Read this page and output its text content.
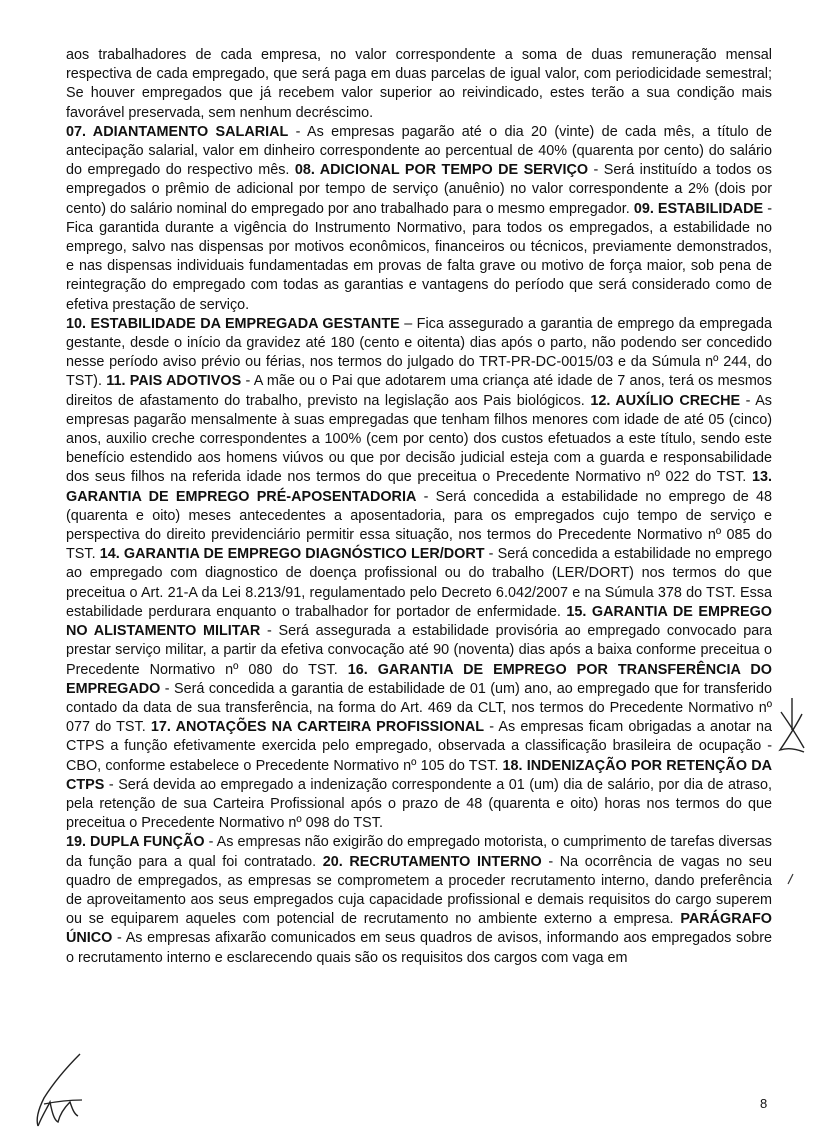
aos trabalhadores de cada empresa, no valor correspondente a soma de duas remuneração mensal respectiva de cada empregado, que será paga em duas parcelas de igual valor, com periodicidade semestral; Se houver empregados que já recebem valor superior ao reivindicado, estes terão a sua condição mais favorável preservada, sem nenhum decréscimo.
07. ADIANTAMENTO SALARIAL - As empresas pagarão até o dia 20 (vinte) de cada mês, a título de antecipação salarial, valor em dinheiro correspondente ao percentual de 40% (quarenta por cento) do salário do empregado do respectivo mês. 08. ADICIONAL POR TEMPO DE SERVIÇO - Será instituído a todos os empregados o prêmio de adicional por tempo de serviço (anuênio) no valor correspondente a 2% (dois por cento) do salário nominal do empregado por ano trabalhado para o mesmo empregador. 09. ESTABILIDADE - Fica garantida durante a vigência do Instrumento Normativo, para todos os empregados, a estabilidade no emprego, salvo nas dispensas por motivos econômicos, financeiros ou técnicos, previamente demonstrados, e nas dispensas individuais fundamentadas em provas de falta grave ou motivo de força maior, sob pena de reintegração do empregado com todas as garantias e vantagens do período que será considerado como de efetiva prestação de serviço.
10. ESTABILIDADE DA EMPREGADA GESTANTE – Fica assegurado a garantia de emprego da empregada gestante, desde o início da gravidez até 180 (cento e oitenta) dias após o parto, não podendo ser concedido nesse período aviso prévio ou férias, nos termos do julgado do TRT-PR-DC-0015/03 e da Súmula nº 244, do TST). 11. PAIS ADOTIVOS - A mãe ou o Pai que adotarem uma criança até idade de 7 anos, terá os mesmos direitos de afastamento do trabalho, previsto na legislação aos Pais biológicos. 12. AUXÍLIO CRECHE - As empresas pagarão mensalmente à suas empregadas que tenham filhos menores com idade de até 05 (cinco) anos, auxilio creche correspondentes a 100% (cem por cento) dos custos efetuados a este título, sendo este benefício estendido aos homens viúvos ou que por decisão judicial esteja com a guarda e responsabilidade dos seus filhos na referida idade nos termos do que preceitua o Precedente Normativo nº 022 do TST. 13. GARANTIA DE EMPREGO PRÉ-APOSENTADORIA - Será concedida a estabilidade no emprego de 48 (quarenta e oito) meses antecedentes a aposentadoria, para os empregados cujo tempo de serviço e perspectiva do direito previdenciário permitir essa situação, nos termos do Precedente Normativo nº 085 do TST. 14. GARANTIA DE EMPREGO DIAGNÓSTICO LER/DORT - Será concedida a estabilidade no emprego ao empregado com diagnostico de doença profissional ou do trabalho (LER/DORT) nos termos do que preceitua o Art. 21-A da Lei 8.213/91, regulamentado pelo Decreto 6.042/2007 e na Súmula 378 do TST. Essa estabilidade perdurara enquanto o trabalhador for portador de enfermidade. 15. GARANTIA DE EMPREGO NO ALISTAMENTO MILITAR - Será assegurada a estabilidade provisória ao empregado convocado para prestar serviço militar, a partir da efetiva convocação até 90 (noventa) dias após a baixa conforme preceitua o Precedente Normativo nº 080 do TST. 16. GARANTIA DE EMPREGO POR TRANSFERÊNCIA DO EMPREGADO - Será concedida a garantia de estabilidade de 01 (um) ano, ao empregado que for transferido contado da data de sua transferência, na forma do Art. 469 da CLT, nos termos do Precedente Normativo nº 077 do TST. 17. ANOTAÇÕES NA CARTEIRA PROFISSIONAL - As empresas ficam obrigadas a anotar na CTPS a função efetivamente exercida pelo empregado, observada a classificação brasileira de ocupação - CBO, conforme estabelece o Precedente Normativo nº 105 do TST. 18. INDENIZAÇÃO POR RETENÇÃO DA CTPS - Será devida ao empregado a indenização correspondente a 01 (um) dia de salário, por dia de atraso, pela retenção de sua Carteira Profissional após o prazo de 48 (quarenta e oito) horas nos termos do que preceitua o Precedente Normativo nº 098 do TST.
19. DUPLA FUNÇÃO - As empresas não exigirão do empregado motorista, o cumprimento de tarefas diversas da função para a qual foi contratado. 20. RECRUTAMENTO INTERNO - Na ocorrência de vagas no seu quadro de empregados, as empresas se comprometem a proceder recrutamento interno, dando preferência de aproveitamento aos seus empregados cuja capacidade profissional e demais requisitos do cargo superem ou se equiparem aqueles com potencial de recrutamento no ambiente externo a empresa. PARÁGRAFO ÚNICO - As empresas afixarão comunicados em seus quadros de avisos, informando aos empregados sobre o recrutamento interno e esclarecendo quais são os requisitos dos cargos com vaga em

8
